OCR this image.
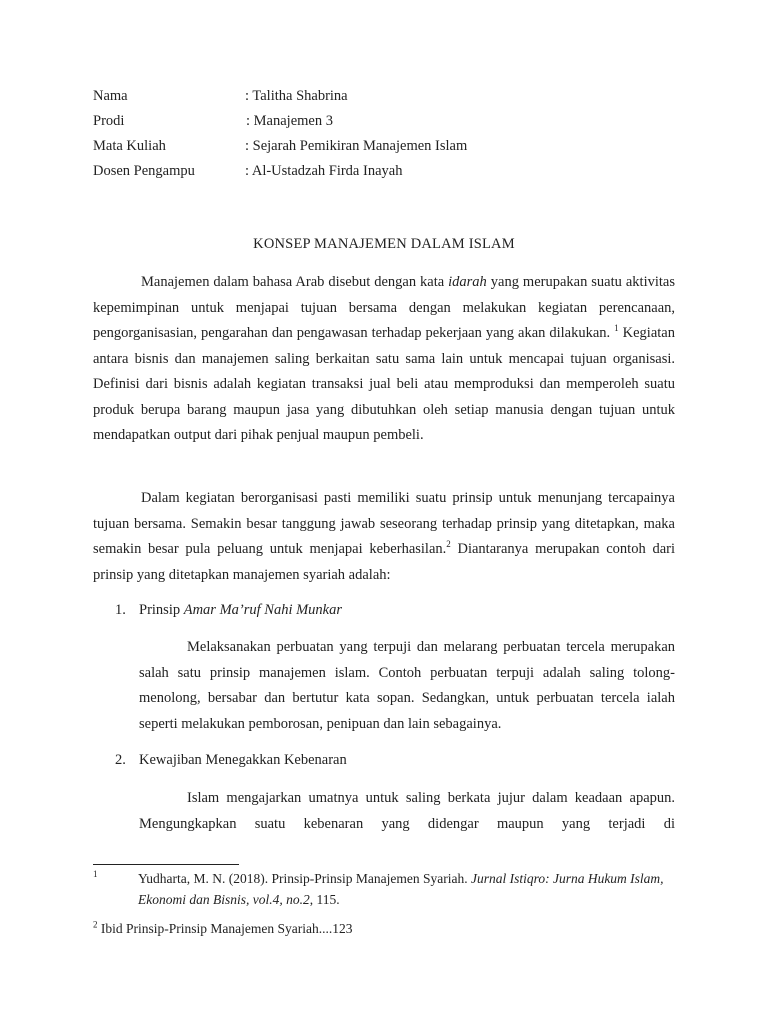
Nama	: Talitha Shabrina
Prodi	: Manajemen 3
Mata Kuliah	: Sejarah Pemikiran Manajemen Islam
Dosen Pengampu	: Al-Ustadzah Firda Inayah
KONSEP MANAJEMEN DALAM ISLAM
Manajemen dalam bahasa Arab disebut dengan kata idarah yang merupakan suatu aktivitas kepemimpinan untuk menjapai tujuan bersama dengan melakukan kegiatan perencanaan, pengorganisasian, pengarahan dan pengawasan terhadap pekerjaan yang akan dilakukan. $^1$ Kegiatan antara bisnis dan manajemen saling berkaitan satu sama lain untuk mencapai tujuan organisasi. Definisi dari bisnis adalah kegiatan transaksi jual beli atau memproduksi dan memperoleh suatu produk berupa barang maupun jasa yang dibutuhkan oleh setiap manusia dengan tujuan untuk mendapatkan output dari pihak penjual maupun pembeli.
Dalam kegiatan berorganisasi pasti memiliki suatu prinsip untuk menunjang tercapainya tujuan bersama. Semakin besar tanggung jawab seseorang terhadap prinsip yang ditetapkan, maka semakin besar pula peluang untuk menjapai keberhasilan.$^2$ Diantaranya merupakan contoh dari prinsip yang ditetapkan manajemen syariah adalah:
1. Prinsip Amar Ma’ruf Nahi Munkar
Melaksanakan perbuatan yang terpuji dan melarang perbuatan tercela merupakan salah satu prinsip manajemen islam. Contoh perbuatan terpuji adalah saling tolong-menolong, bersabar dan bertutur kata sopan. Sedangkan, untuk perbuatan tercela ialah seperti melakukan pemborosan, penipuan dan lain sebagainya.
2. Kewajiban Menegakkan Kebenaran
Islam mengajarkan umatnya untuk saling berkata jujur dalam keadaan apapun. Mengungkapkan suatu kebenaran yang didengar maupun yang terjadi di
1	Yudharta, M. N. (2018). Prinsip-Prinsip Manajemen Syariah. Jurnal Istiqro: Jurna Hukum Islam, Ekonomi dan Bisnis, vol.4, no.2, 115.
$^2$ Ibid Prinsip-Prinsip Manajemen Syariah....123
